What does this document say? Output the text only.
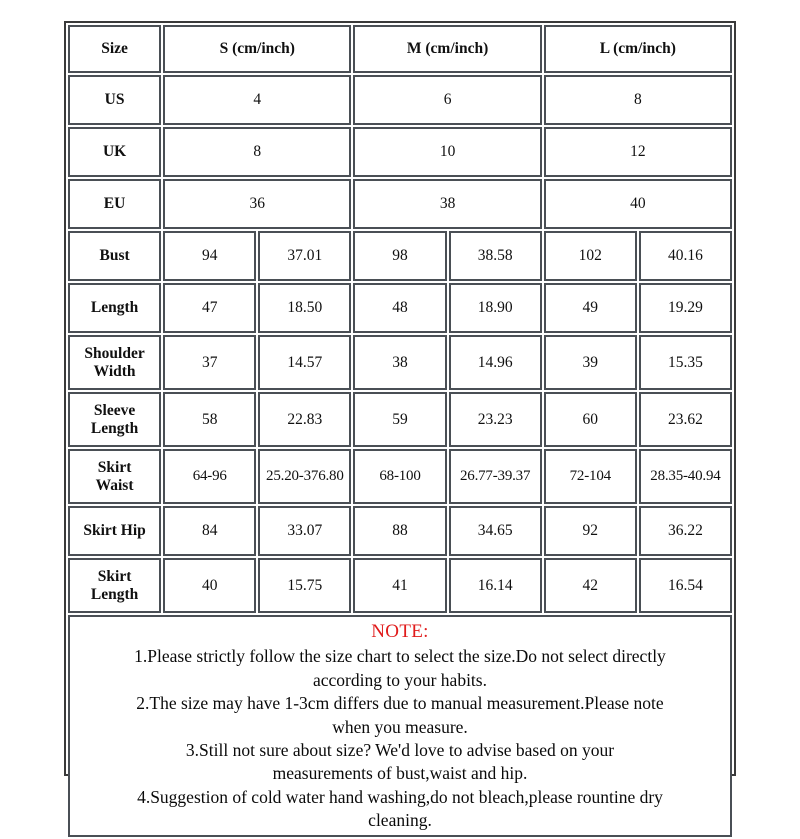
Size	S (cm/inch)		M (cm/inch)		L (cm/inch)	
US	4		6		8	
UK	8		10		12	
EU	36		38		40	
Bust	94	37.01	98	38.58	102	40.16
Length	47	18.50	48	18.90	49	19.29

Shoulder
Width	37	14.57	38	14.96	39	15.35

Sleeve
Length	58	22.83	59	23.23	60	23.62

Skirt
Waist	64-96	25.20-376.80	68-100	26.77-39.37	72-104	28.35-40.94
Skirt Hip	84	33.07	88	34.65	92	36.22

Skirt
Length	40	15.75	41	16.14	42	16.54

NOTE:
1.Please strictly follow the size chart to select the size.Do not select directly
according to your habits.
2.The size may have 1-3cm differs due to manual measurement.Please note
when you measure.
3.Still not sure about size? We'd love to advise based on your
measurements of bust,waist and hip.
4.Suggestion of cold water hand washing,do not bleach,please rountine dry
cleaning.
